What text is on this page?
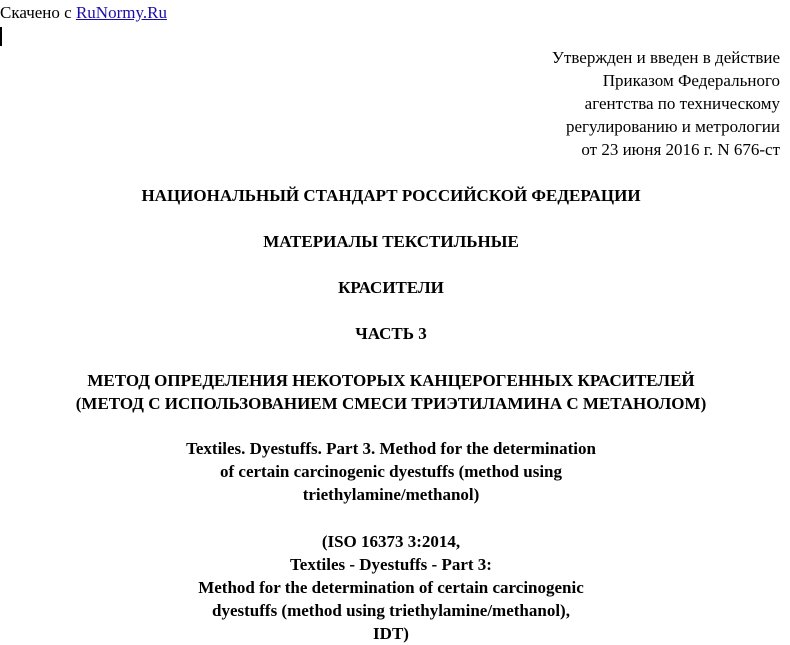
Скачено с RuNormy.Ru
Утвержден и введен в действие
Приказом Федерального
агентства по техническому
регулированию и метрологии
от 23 июня 2016 г. N 676-ст
НАЦИОНАЛЬНЫЙ СТАНДАРТ РОССИЙСКОЙ ФЕДЕРАЦИИ
МАТЕРИАЛЫ ТЕКСТИЛЬНЫЕ
КРАСИТЕЛИ
ЧАСТЬ 3
МЕТОД ОПРЕДЕЛЕНИЯ НЕКОТОРЫХ КАНЦЕРОГЕННЫХ КРАСИТЕЛЕЙ
(МЕТОД С ИСПОЛЬЗОВАНИЕМ СМЕСИ ТРИЭТИЛАМИНА С МЕТАНОЛОМ)
Textiles. Dyestuffs. Part 3. Method for the determination
of certain carcinogenic dyestuffs (method using
triethylamine/methanol)
(ISO 16373 3:2014,
Textiles - Dyestuffs - Part 3:
Method for the determination of certain carcinogenic
dyestuffs (method using triethylamine/methanol),
IDT)
